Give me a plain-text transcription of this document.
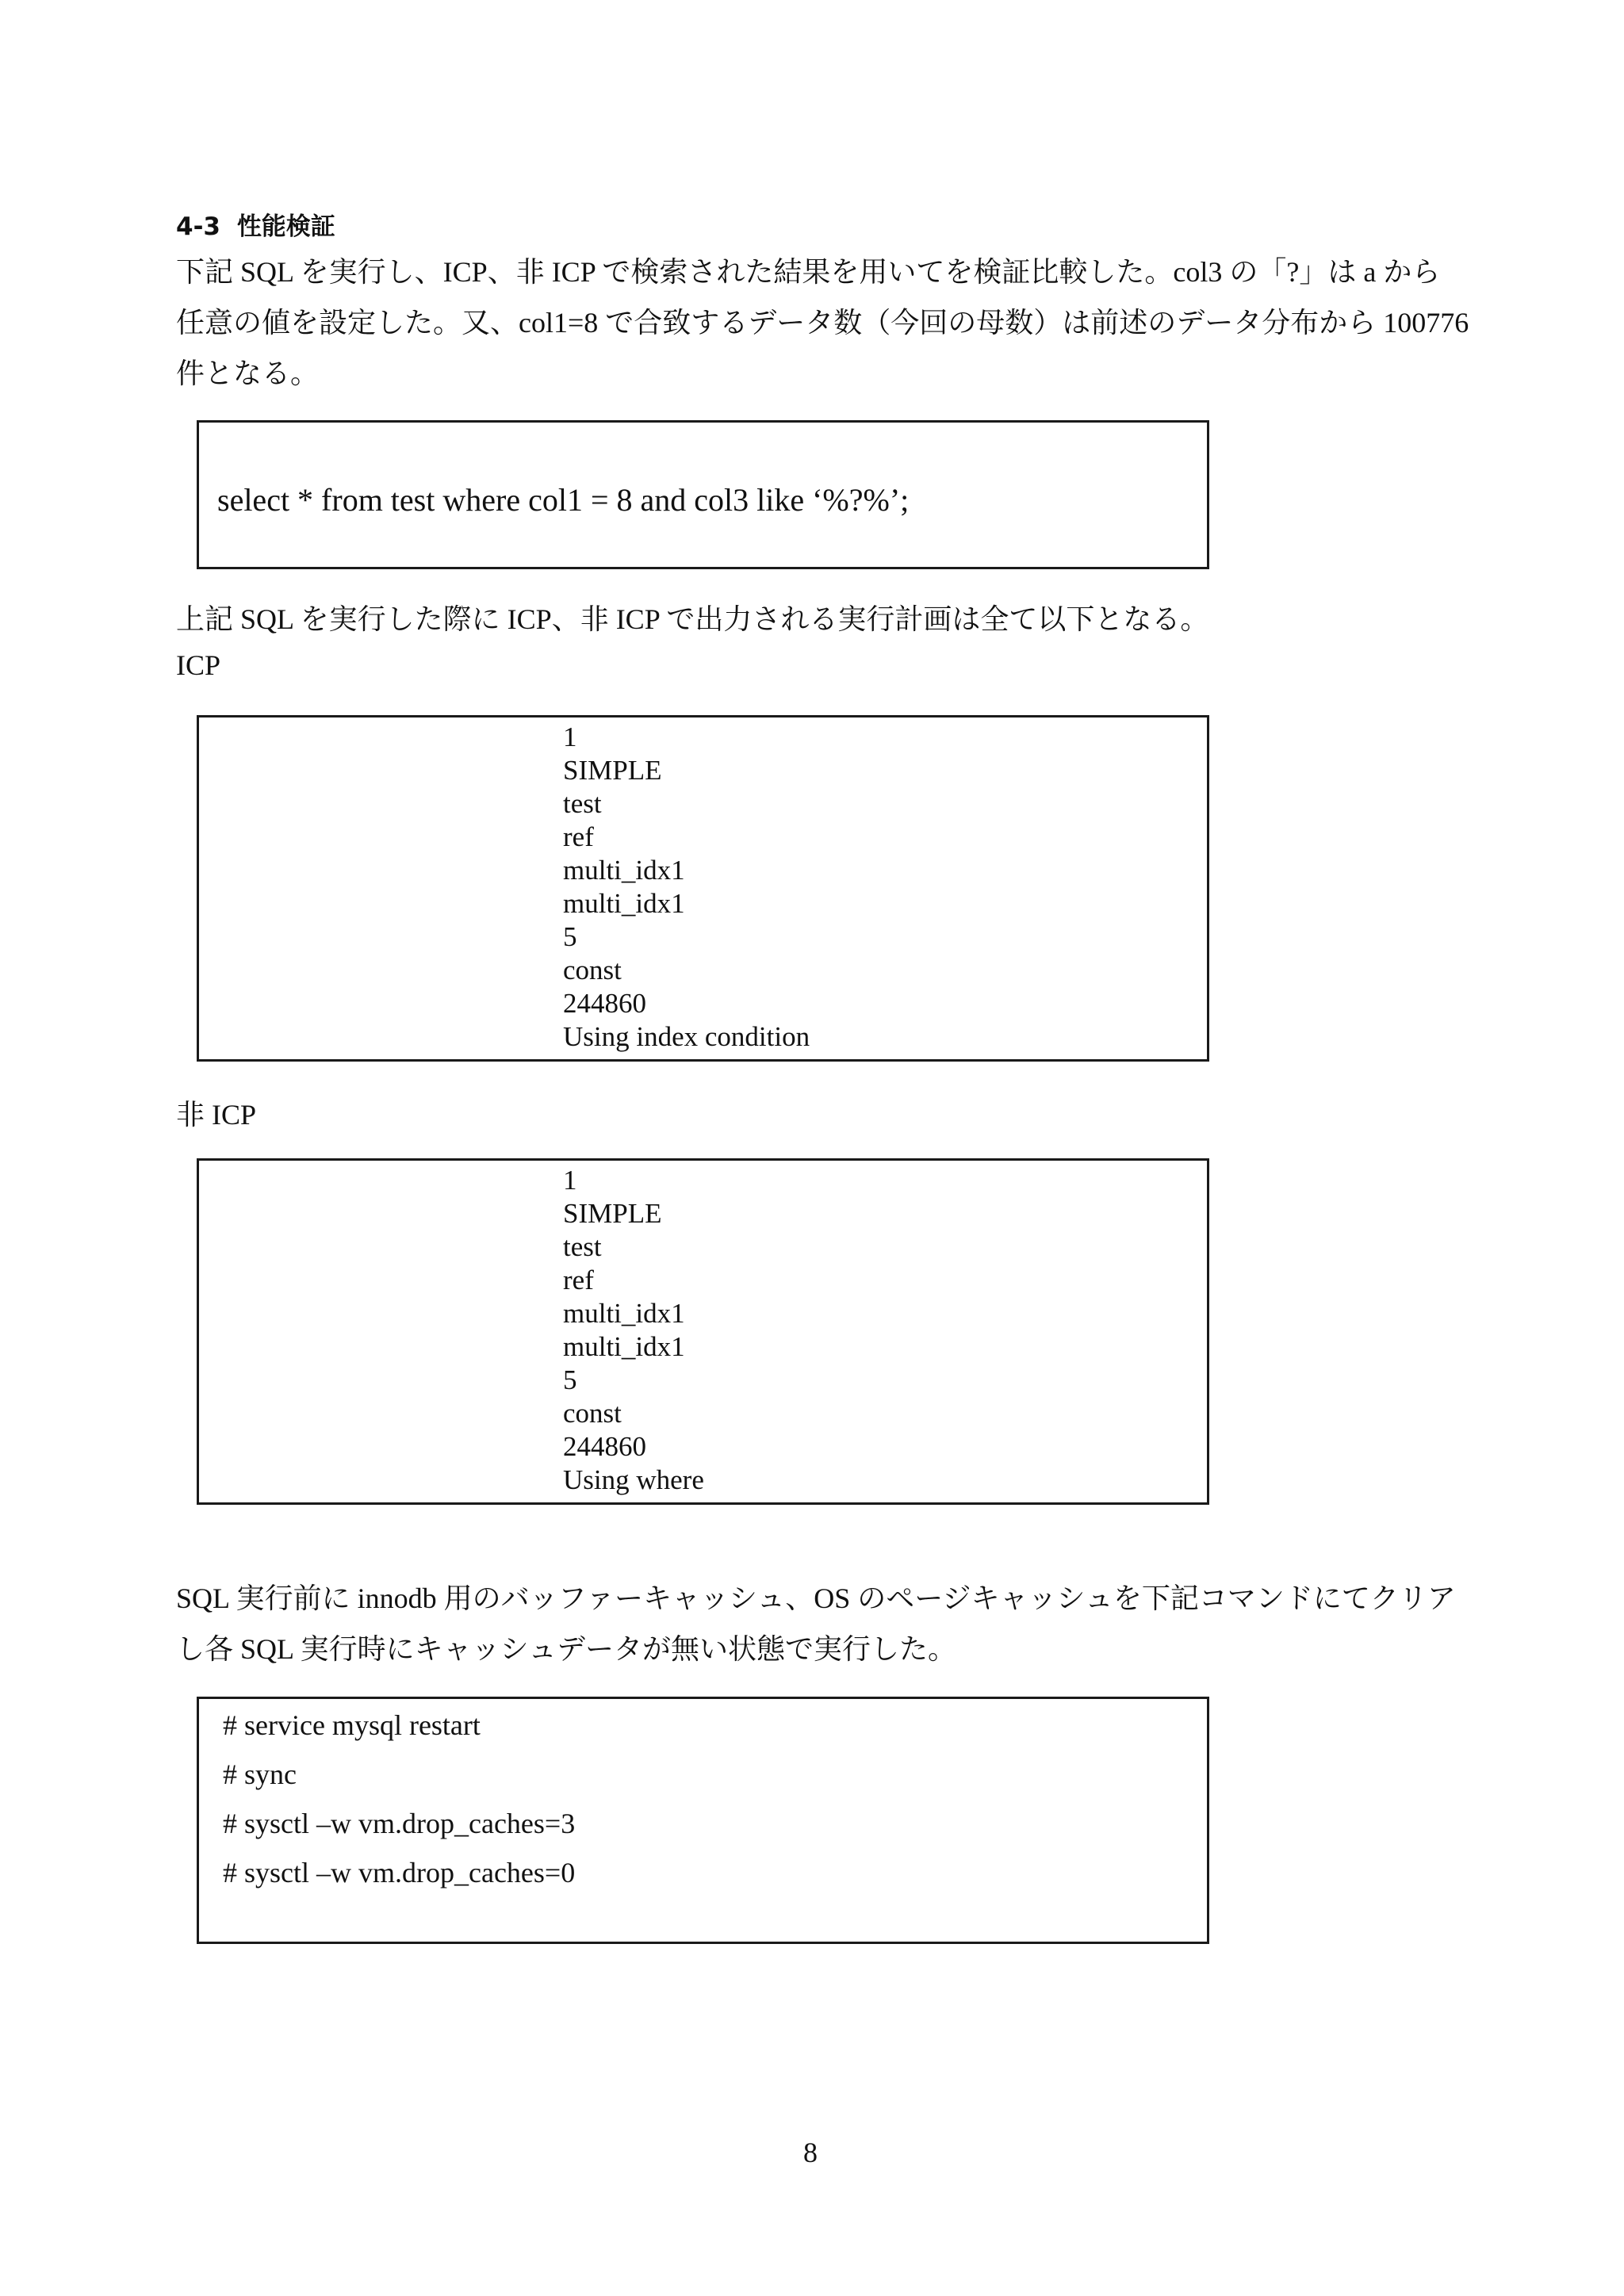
4-3 性能検証
下記 SQL を実行し、ICP、非 ICP で検索された結果を用いてを検証比較した。col3 の「?」は a から
任意の値を設定した。又、col1=8 で合致するデータ数（今回の母数）は前述のデータ分布から 100776
件となる。
select * from test where col1 = 8 and col3 like ‘%?%’;
上記 SQL を実行した際に ICP、非 ICP で出力される実行計画は全て以下となる。
ICP
1
SIMPLE
test
ref
multi_idx1
multi_idx1
5
const
244860
Using index condition
非 ICP
1
SIMPLE
test
ref
multi_idx1
multi_idx1
5
const
244860
Using where
SQL 実行前に innodb 用のバッファーキャッシュ、OS のページキャッシュを下記コマンドにてクリア
し各 SQL 実行時にキャッシュデータが無い状態で実行した。
# service mysql restart
# sync
# sysctl –w vm.drop_caches=3
# sysctl –w vm.drop_caches=0
8
